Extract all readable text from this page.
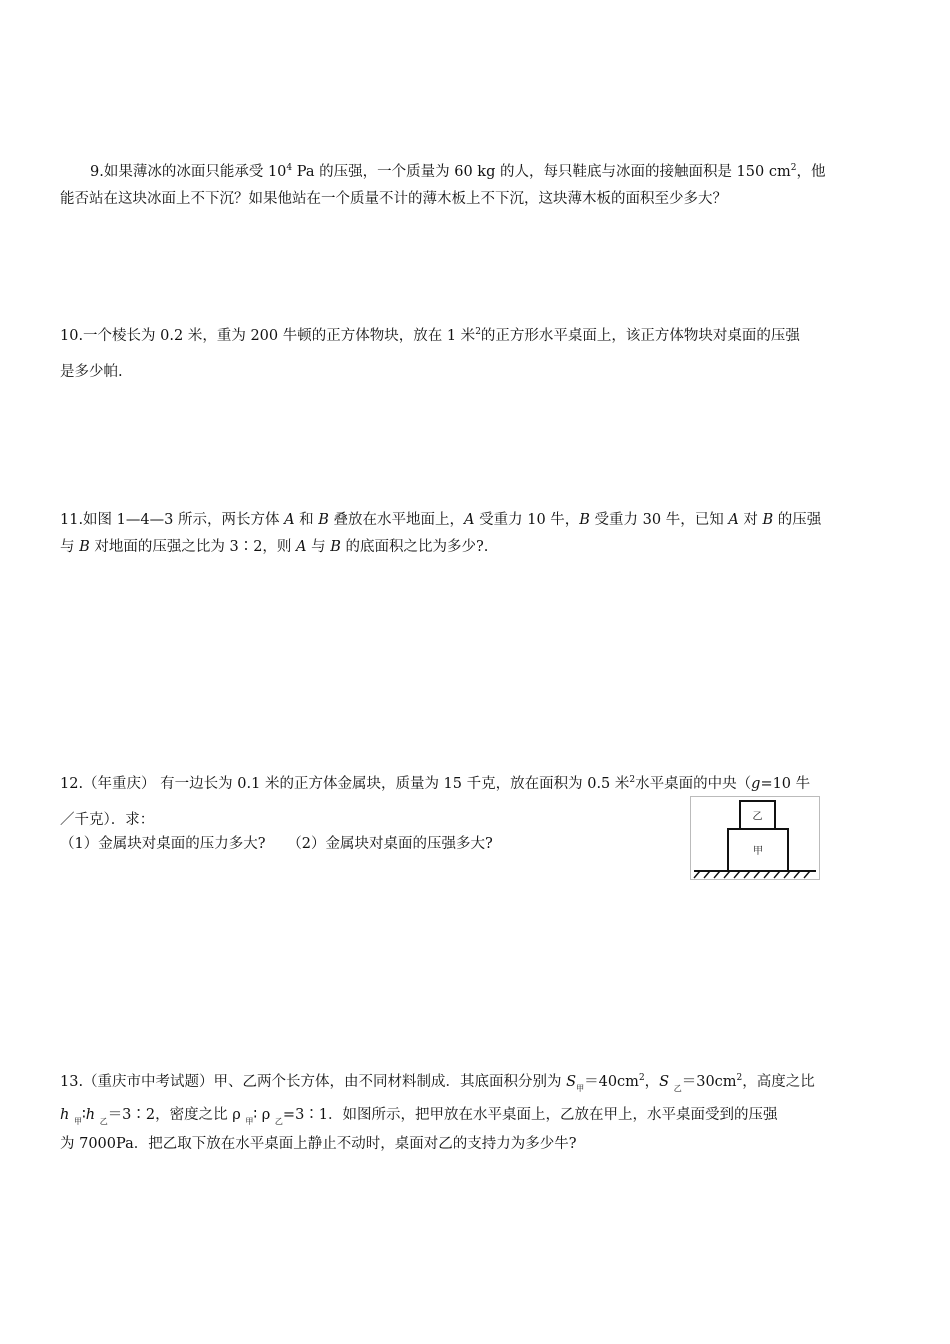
9.如果薄冰的冰面只能承受 $10^4$ Pa 的压强，一个质量为 60 kg 的人，每只鞋底与冰面的接触面积是 150 $cm^2$，他
能否站在这块冰面上不下沉？如果他站在一个质量不计的薄木板上不下沉，这块薄木板的面积至少多大？
10.一个棱长为 0.2 米，重为 200 牛顿的正方体物块，放在 1 米$^2$的正方形水平桌面上，该正方体物块对桌面的压强
是多少帕.
11.如图 1—4—3 所示，两长方体 A 和 B 叠放在水平地面上，A 受重力 10 牛，B 受重力 30 牛，已知 A 对 B 的压强
与 B 对地面的压强之比为 3∶2，则 A 与 B 的底面积之比为多少?.
12.（年重庆） 有一边长为 0.1 米的正方体金属块，质量为 15 千克，放在面积为 0.5 米$^2$水平桌面的中央（g=10 牛
／千克）．求：
（1）金属块对桌面的压力多大?　　（2）金属块对桌面的压强多大?
乙
甲
13.（重庆市中考试题）甲、乙两个长方体，由不同材料制成．其底面积分别为 $S_甲=40cm^2$，S $_乙=30cm^2$，高度之比
h $_甲$∶h $_乙$＝3∶2，密度之比 ρ $_甲$∶ ρ $_乙$=3∶1．如图所示，把甲放在水平桌面上，乙放在甲上，水平桌面受到的压强
为 7000Pa．把乙取下放在水平桌面上静止不动时，桌面对乙的支持力为多少牛?
